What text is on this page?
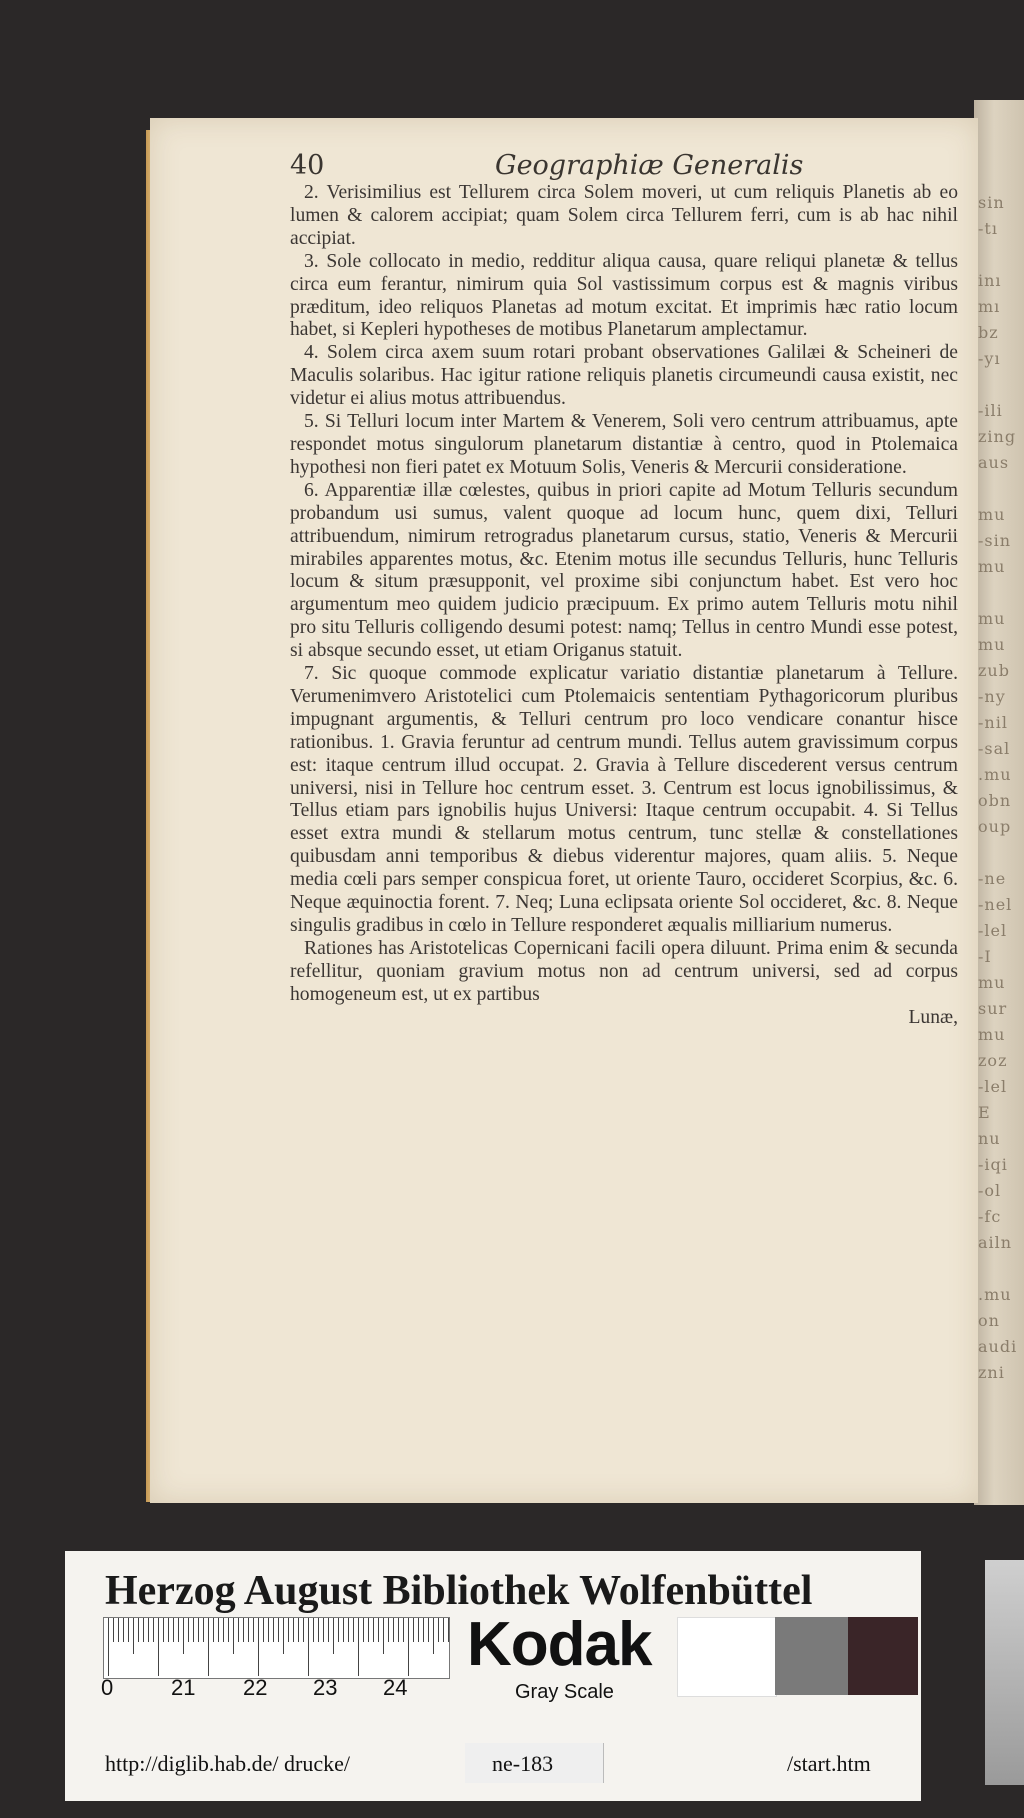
sin
-tı
inı
mı
bz
-yı
-ili
zing
aus
mu
-sin
mu
mu
mu
zub
-ny
-nil
-sal
.mu
obn
oup
-ne
-nel
-lel
-I
mu
sur
mu
zoz
-lel
E
nu
-iqi
-ol
-fc
ailn
.mu
on
audi
zni
40	Geographiæ Generalis

2. Verisimilius est Tellurem circa Solem moveri, ut cum reliquis Planetis ab eo lumen & calorem accipiat; quam Solem circa Tellurem ferri, cum is ab hac nihil accipiat.

3. Sole collocato in medio, redditur aliqua causa, quare reliqui planetæ & tellus circa eum ferantur, nimirum quia Sol vastissimum corpus est & magnis viribus præditum, ideo reliquos Planetas ad motum excitat. Et imprimis hæc ratio locum habet, si Kepleri hypotheses de motibus Planetarum amplectamur.

4. Solem circa axem suum rotari probant observationes Galilæi & Scheineri de Maculis solaribus. Hac igitur ratione reliquis planetis circumeundi causa existit, nec videtur ei alius motus attribuendus.

5. Si Telluri locum inter Martem & Venerem, Soli vero centrum attribuamus, apte respondet motus singulorum planetarum distantiæ à centro, quod in Ptolemaica hypothesi non fieri patet ex Motuum Solis, Veneris & Mercurii consideratione.

6. Apparentiæ illæ cœlestes, quibus in priori capite ad Motum Telluris secundum probandum usi sumus, valent quoque ad locum hunc, quem dixi, Telluri attribuendum, nimirum retrogradus planetarum cursus, statio, Veneris & Mercurii mirabiles apparentes motus, &c. Etenim motus ille secundus Telluris, hunc Telluris locum & situm præsupponit, vel proxime sibi conjunctum habet. Est vero hoc argumentum meo quidem judicio præcipuum. Ex primo autem Telluris motu nihil pro situ Telluris colligendo desumi potest: namq; Tellus in centro Mundi esse potest, si absque secundo esset, ut etiam Origanus statuit.

7. Sic quoque commode explicatur variatio distantiæ planetarum à Tellure. Verumenimvero Aristotelici cum Ptolemaicis sententiam Pythagoricorum pluribus impugnant argumentis, & Telluri centrum pro loco vendicare conantur hisce rationibus. 1. Gravia feruntur ad centrum mundi. Tellus autem gravissimum corpus est: itaque centrum illud occupat. 2. Gravia à Tellure discederent versus centrum universi, nisi in Tellure hoc centrum esset. 3. Centrum est locus ignobilissimus, & Tellus etiam pars ignobilis hujus Universi: Itaque centrum occupabit. 4. Si Tellus esset extra mundi & stellarum motus centrum, tunc stellæ & constellationes quibusdam anni temporibus & diebus viderentur majores, quam aliis. 5. Neque media cœli pars semper conspicua foret, ut oriente Tauro, occideret Scorpius, &c. 6. Neque æquinoctia forent. 7. Neq; Luna eclipsata oriente Sol occideret, &c. 8. Neque singulis gradibus in cœlo in Tellure responderet æqualis milliarium numerus.

Rationes has Aristotelicas Copernicani facili opera diluunt. Prima enim & secunda refellitur, quoniam gravium motus non ad centrum universi, sed ad corpus homogeneum est, ut ex partibus

Lunæ,

Herzog August Bibliothek Wolfenbüttel
0	21 22 23 24
Kodak
Gray Scale
http://diglib.hab.de/ drucke/	ne-183	/start.htm
